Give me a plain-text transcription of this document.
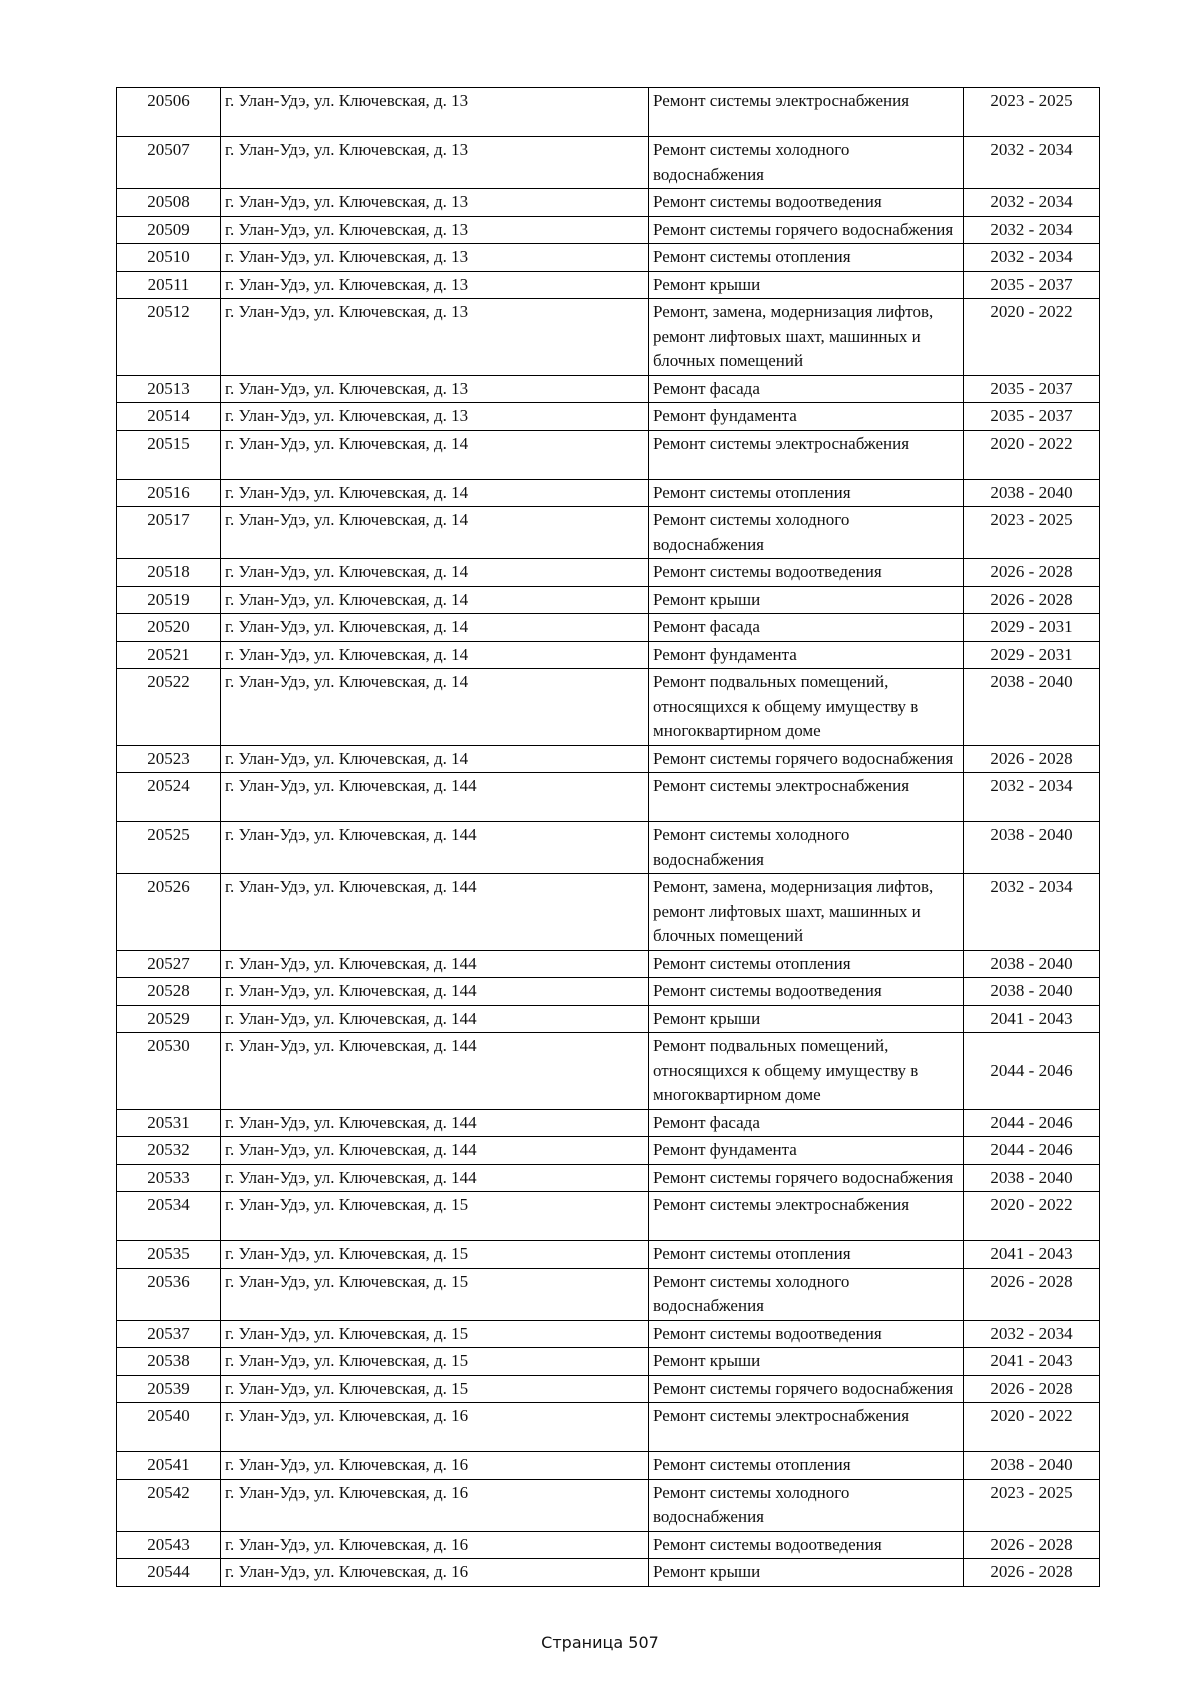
20506	г. Улан-Удэ, ул. Ключевская, д. 13	Ремонт системы электроснабжения	2023 - 2025
20507	г. Улан-Удэ, ул. Ключевская, д. 13	Ремонт системы холодного водоснабжения	2032 - 2034
20508	г. Улан-Удэ, ул. Ключевская, д. 13	Ремонт системы водоотведения	2032 - 2034
20509	г. Улан-Удэ, ул. Ключевская, д. 13	Ремонт системы горячего водоснабжения	2032 - 2034
20510	г. Улан-Удэ, ул. Ключевская, д. 13	Ремонт системы отопления	2032 - 2034
20511	г. Улан-Удэ, ул. Ключевская, д. 13	Ремонт крыши	2035 - 2037
20512	г. Улан-Удэ, ул. Ключевская, д. 13	Ремонт, замена, модернизация лифтов, ремонт лифтовых шахт, машинных и блочных помещений	2020 - 2022
20513	г. Улан-Удэ, ул. Ключевская, д. 13	Ремонт фасада	2035 - 2037
20514	г. Улан-Удэ, ул. Ключевская, д. 13	Ремонт фундамента	2035 - 2037
20515	г. Улан-Удэ, ул. Ключевская, д. 14	Ремонт системы электроснабжения	2020 - 2022
20516	г. Улан-Удэ, ул. Ключевская, д. 14	Ремонт системы отопления	2038 - 2040
20517	г. Улан-Удэ, ул. Ключевская, д. 14	Ремонт системы холодного водоснабжения	2023 - 2025
20518	г. Улан-Удэ, ул. Ключевская, д. 14	Ремонт системы водоотведения	2026 - 2028
20519	г. Улан-Удэ, ул. Ключевская, д. 14	Ремонт крыши	2026 - 2028
20520	г. Улан-Удэ, ул. Ключевская, д. 14	Ремонт фасада	2029 - 2031
20521	г. Улан-Удэ, ул. Ключевская, д. 14	Ремонт фундамента	2029 - 2031
20522	г. Улан-Удэ, ул. Ключевская, д. 14	Ремонт подвальных помещений, относящихся к общему имуществу в многоквартирном доме	2038 - 2040
20523	г. Улан-Удэ, ул. Ключевская, д. 14	Ремонт системы горячего водоснабжения	2026 - 2028
20524	г. Улан-Удэ, ул. Ключевская, д. 144	Ремонт системы электроснабжения	2032 - 2034
20525	г. Улан-Удэ, ул. Ключевская, д. 144	Ремонт системы холодного водоснабжения	2038 - 2040
20526	г. Улан-Удэ, ул. Ключевская, д. 144	Ремонт, замена, модернизация лифтов, ремонт лифтовых шахт, машинных и блочных помещений	2032 - 2034
20527	г. Улан-Удэ, ул. Ключевская, д. 144	Ремонт системы отопления	2038 - 2040
20528	г. Улан-Удэ, ул. Ключевская, д. 144	Ремонт системы водоотведения	2038 - 2040
20529	г. Улан-Удэ, ул. Ключевская, д. 144	Ремонт крыши	2041 - 2043
20530	г. Улан-Удэ, ул. Ключевская, д. 144	Ремонт подвальных помещений, относящихся к общему имуществу в многоквартирном доме	2044 - 2046
20531	г. Улан-Удэ, ул. Ключевская, д. 144	Ремонт фасада	2044 - 2046
20532	г. Улан-Удэ, ул. Ключевская, д. 144	Ремонт фундамента	2044 - 2046
20533	г. Улан-Удэ, ул. Ключевская, д. 144	Ремонт системы горячего водоснабжения	2038 - 2040
20534	г. Улан-Удэ, ул. Ключевская, д. 15	Ремонт системы электроснабжения	2020 - 2022
20535	г. Улан-Удэ, ул. Ключевская, д. 15	Ремонт системы отопления	2041 - 2043
20536	г. Улан-Удэ, ул. Ключевская, д. 15	Ремонт системы холодного водоснабжения	2026 - 2028
20537	г. Улан-Удэ, ул. Ключевская, д. 15	Ремонт системы водоотведения	2032 - 2034
20538	г. Улан-Удэ, ул. Ключевская, д. 15	Ремонт крыши	2041 - 2043
20539	г. Улан-Удэ, ул. Ключевская, д. 15	Ремонт системы горячего водоснабжения	2026 - 2028
20540	г. Улан-Удэ, ул. Ключевская, д. 16	Ремонт системы электроснабжения	2020 - 2022
20541	г. Улан-Удэ, ул. Ключевская, д. 16	Ремонт системы отопления	2038 - 2040
20542	г. Улан-Удэ, ул. Ключевская, д. 16	Ремонт системы холодного водоснабжения	2023 - 2025
20543	г. Улан-Удэ, ул. Ключевская, д. 16	Ремонт системы водоотведения	2026 - 2028
20544	г. Улан-Удэ, ул. Ключевская, д. 16	Ремонт крыши	2026 - 2028
Страница 507
